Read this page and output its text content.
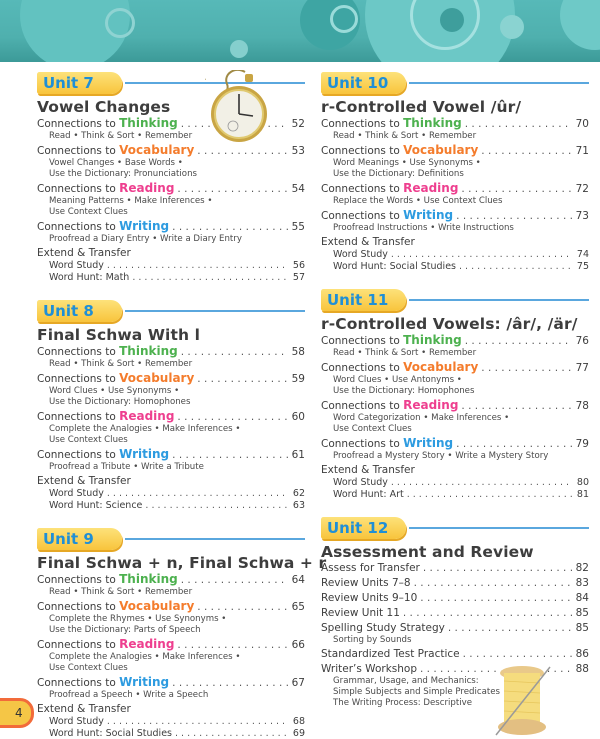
Unit 7
Vowel Changes
Connections to Thinking . . .	52
Read • Think & Sort • Remember
Connections to Vocabulary . . .	53
Vowel Changes • Base Words •
Use the Dictionary: Pronunciations
Connections to Reading . . .	54
Meaning Patterns • Make Inferences •
Use Context Clues
Connections to Writing . . .	55
Proofread a Diary Entry • Write a Diary Entry
Extend & Transfer
Word Study . . .	56
Word Hunt: Math . . .	57
Unit 8
Final Schwa With l
Connections to Thinking . . .	58
Read • Think & Sort • Remember
Connections to Vocabulary . . .	59
Word Clues • Use Synonyms •
Use the Dictionary: Homophones
Connections to Reading . . .	60
Complete the Analogies • Make Inferences •
Use Context Clues
Connections to Writing . . .	61
Proofread a Tribute • Write a Tribute
Extend & Transfer
Word Study . . .	62
Word Hunt: Science . . .	63
Unit 9
Final Schwa + n, Final Schwa + r
Connections to Thinking . . .	64
Read • Think & Sort • Remember
Connections to Vocabulary . . .	65
Complete the Rhymes • Use Synonyms •
Use the Dictionary: Parts of Speech
Connections to Reading . . .	66
Complete the Analogies • Make Inferences •
Use Context Clues
Connections to Writing . . .	67
Proofread a Speech • Write a Speech
Extend & Transfer
Word Study . . .	68
Word Hunt: Social Studies . . .	69
Unit 10
r-Controlled Vowel /ûr/
Connections to Thinking . . .	70
Read • Think & Sort • Remember
Connections to Vocabulary . . .	71
Word Meanings • Use Synonyms •
Use the Dictionary: Definitions
Connections to Reading . . .	72
Replace the Words • Use Context Clues
Connections to Writing . . .	73
Proofread Instructions • Write Instructions
Extend & Transfer
Word Study . . .	74
Word Hunt: Social Studies . . .	75
Unit 11
r-Controlled Vowels: /âr/, /är/
Connections to Thinking . . .	76
Read • Think & Sort • Remember
Connections to Vocabulary . . .	77
Word Clues • Use Antonyms •
Use the Dictionary: Homophones
Connections to Reading . . .	78
Word Categorization • Make Inferences •
Use Context Clues
Connections to Writing . . .	79
Proofread a Mystery Story • Write a Mystery Story
Extend & Transfer
Word Study . . .	80
Word Hunt: Art . . .	81
Unit 12
Assessment and Review
Assess for Transfer . . .	82
Review Units 7–8 . . .	83
Review Units 9–10 . . .	84
Review Unit 11 . . .	85
Spelling Study Strategy . . .	85
Sorting by Sounds
Standardized Test Practice . . .	86
Writer’s Workshop . . .	88
Grammar, Usage, and Mechanics:
Simple Subjects and Simple Predicates
The Writing Process: Descriptive
4
